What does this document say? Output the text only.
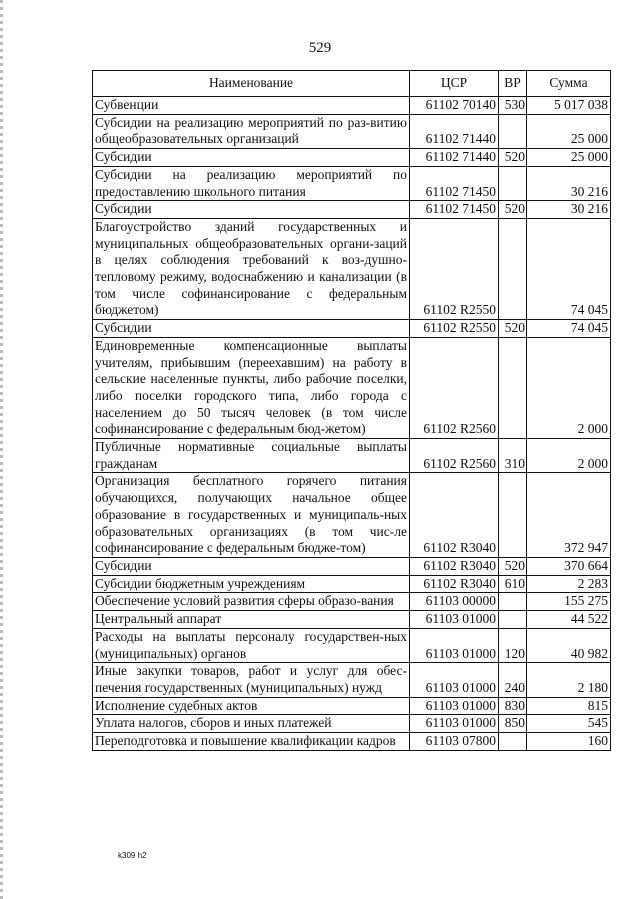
529
Наименование	ЦСР	ВР	Сумма
Субвенции	61102 70140	530	5 017 038
Субсидии на реализацию мероприятий по раз-витию общеобразовательных организаций	61102 71440		25 000
Субсидии	61102 71440	520	25 000
Субсидии на реализацию мероприятий по предоставлению школьного питания	61102 71450		30 216
Субсидии	61102 71450	520	30 216
Благоустройство зданий государственных и муниципальных общеобразовательных органи-заций в целях соблюдения требований к воз-душно-тепловому режиму, водоснабжению и канализации (в том числе софинансирование с федеральным бюджетом)	61102 R2550		74 045
Субсидии	61102 R2550	520	74 045
Единовременные компенсационные выплаты учителям, прибывшим (переехавшим) на работу в сельские населенные пункты, либо рабочие поселки, либо поселки городского типа, либо города с населением до 50 тысяч человек (в том числе софинансирование с федеральным бюд-жетом)	61102 R2560		2 000
Публичные нормативные социальные выплаты гражданам	61102 R2560	310	2 000
Организация бесплатного горячего питания обучающихся, получающих начальное общее образование в государственных и муниципаль-ных образовательных организациях (в том чис-ле софинансирование с федеральным бюдже-том)	61102 R3040		372 947
Субсидии	61102 R3040	520	370 664
Субсидии бюджетным учреждениям	61102 R3040	610	2 283
Обеспечение условий развития сферы образо-вания	61103 00000		155 275
Центральный аппарат	61103 01000		44 522
Расходы на выплаты персоналу государствен-ных (муниципальных) органов	61103 01000	120	40 982
Иные закупки товаров, работ и услуг для обес-печения государственных (муниципальных) нужд	61103 01000	240	2 180
Исполнение судебных актов	61103 01000	830	815
Уплата налогов, сборов и иных платежей	61103 01000	850	545
Переподготовка и повышение квалификации кадров	61103 07800		160
k309 h2
